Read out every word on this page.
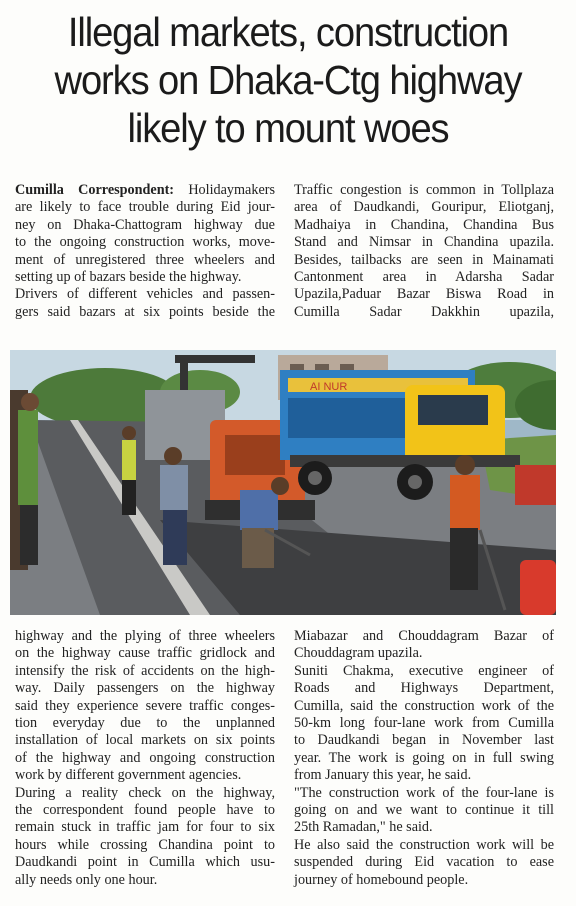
Illegal markets, construction
works on Dhaka-Ctg highway
likely to mount woes
Cumilla Correspondent: Holidaymakers
are likely to face trouble during Eid jour-
ney on Dhaka-Chattogram highway due
to the ongoing construction works, move-
ment of unregistered three wheelers and
setting up of bazars beside the highway.
Drivers of different vehicles and passen-
gers said bazars at six points beside the
Traffic congestion is common in Tollplaza
area of Daudkandi, Gouripur, Eliotganj,
Madhaiya in Chandina, Chandina Bus
Stand and Nimsar in Chandina upazila.
Besides, tailbacks are seen in Mainamati
Cantonment area in Adarsha Sadar
Upazila,Paduar Bazar Biswa Road in
Cumilla Sadar Dakkhin upazila,
AI NUR
highway and the plying of three wheelers
on the highway cause traffic gridlock and
intensify the risk of accidents on the high-
way. Daily passengers on the highway
said they experience severe traffic conges-
tion everyday due to the unplanned
installation of local markets on six points
of the highway and ongoing construction
work by different government agencies.
During a reality check on the highway,
the correspondent found people have to
remain stuck in traffic jam for four to six
hours while crossing Chandina point to
Daudkandi point in Cumilla which usu-
ally needs only one hour.
Miabazar and Chouddagram Bazar of
Chouddagram upazila.
Suniti Chakma, executive engineer of
Roads and Highways Department,
Cumilla, said the construction work of the
50-km long four-lane work from Cumilla
to Daudkandi began in November last
year. The work is going on in full swing
from January this year, he said.
"The construction work of the four-lane is
going on and we want to continue it till
25th Ramadan," he said.
He also said the construction work will be
suspended during Eid vacation to ease
journey of homebound people.
